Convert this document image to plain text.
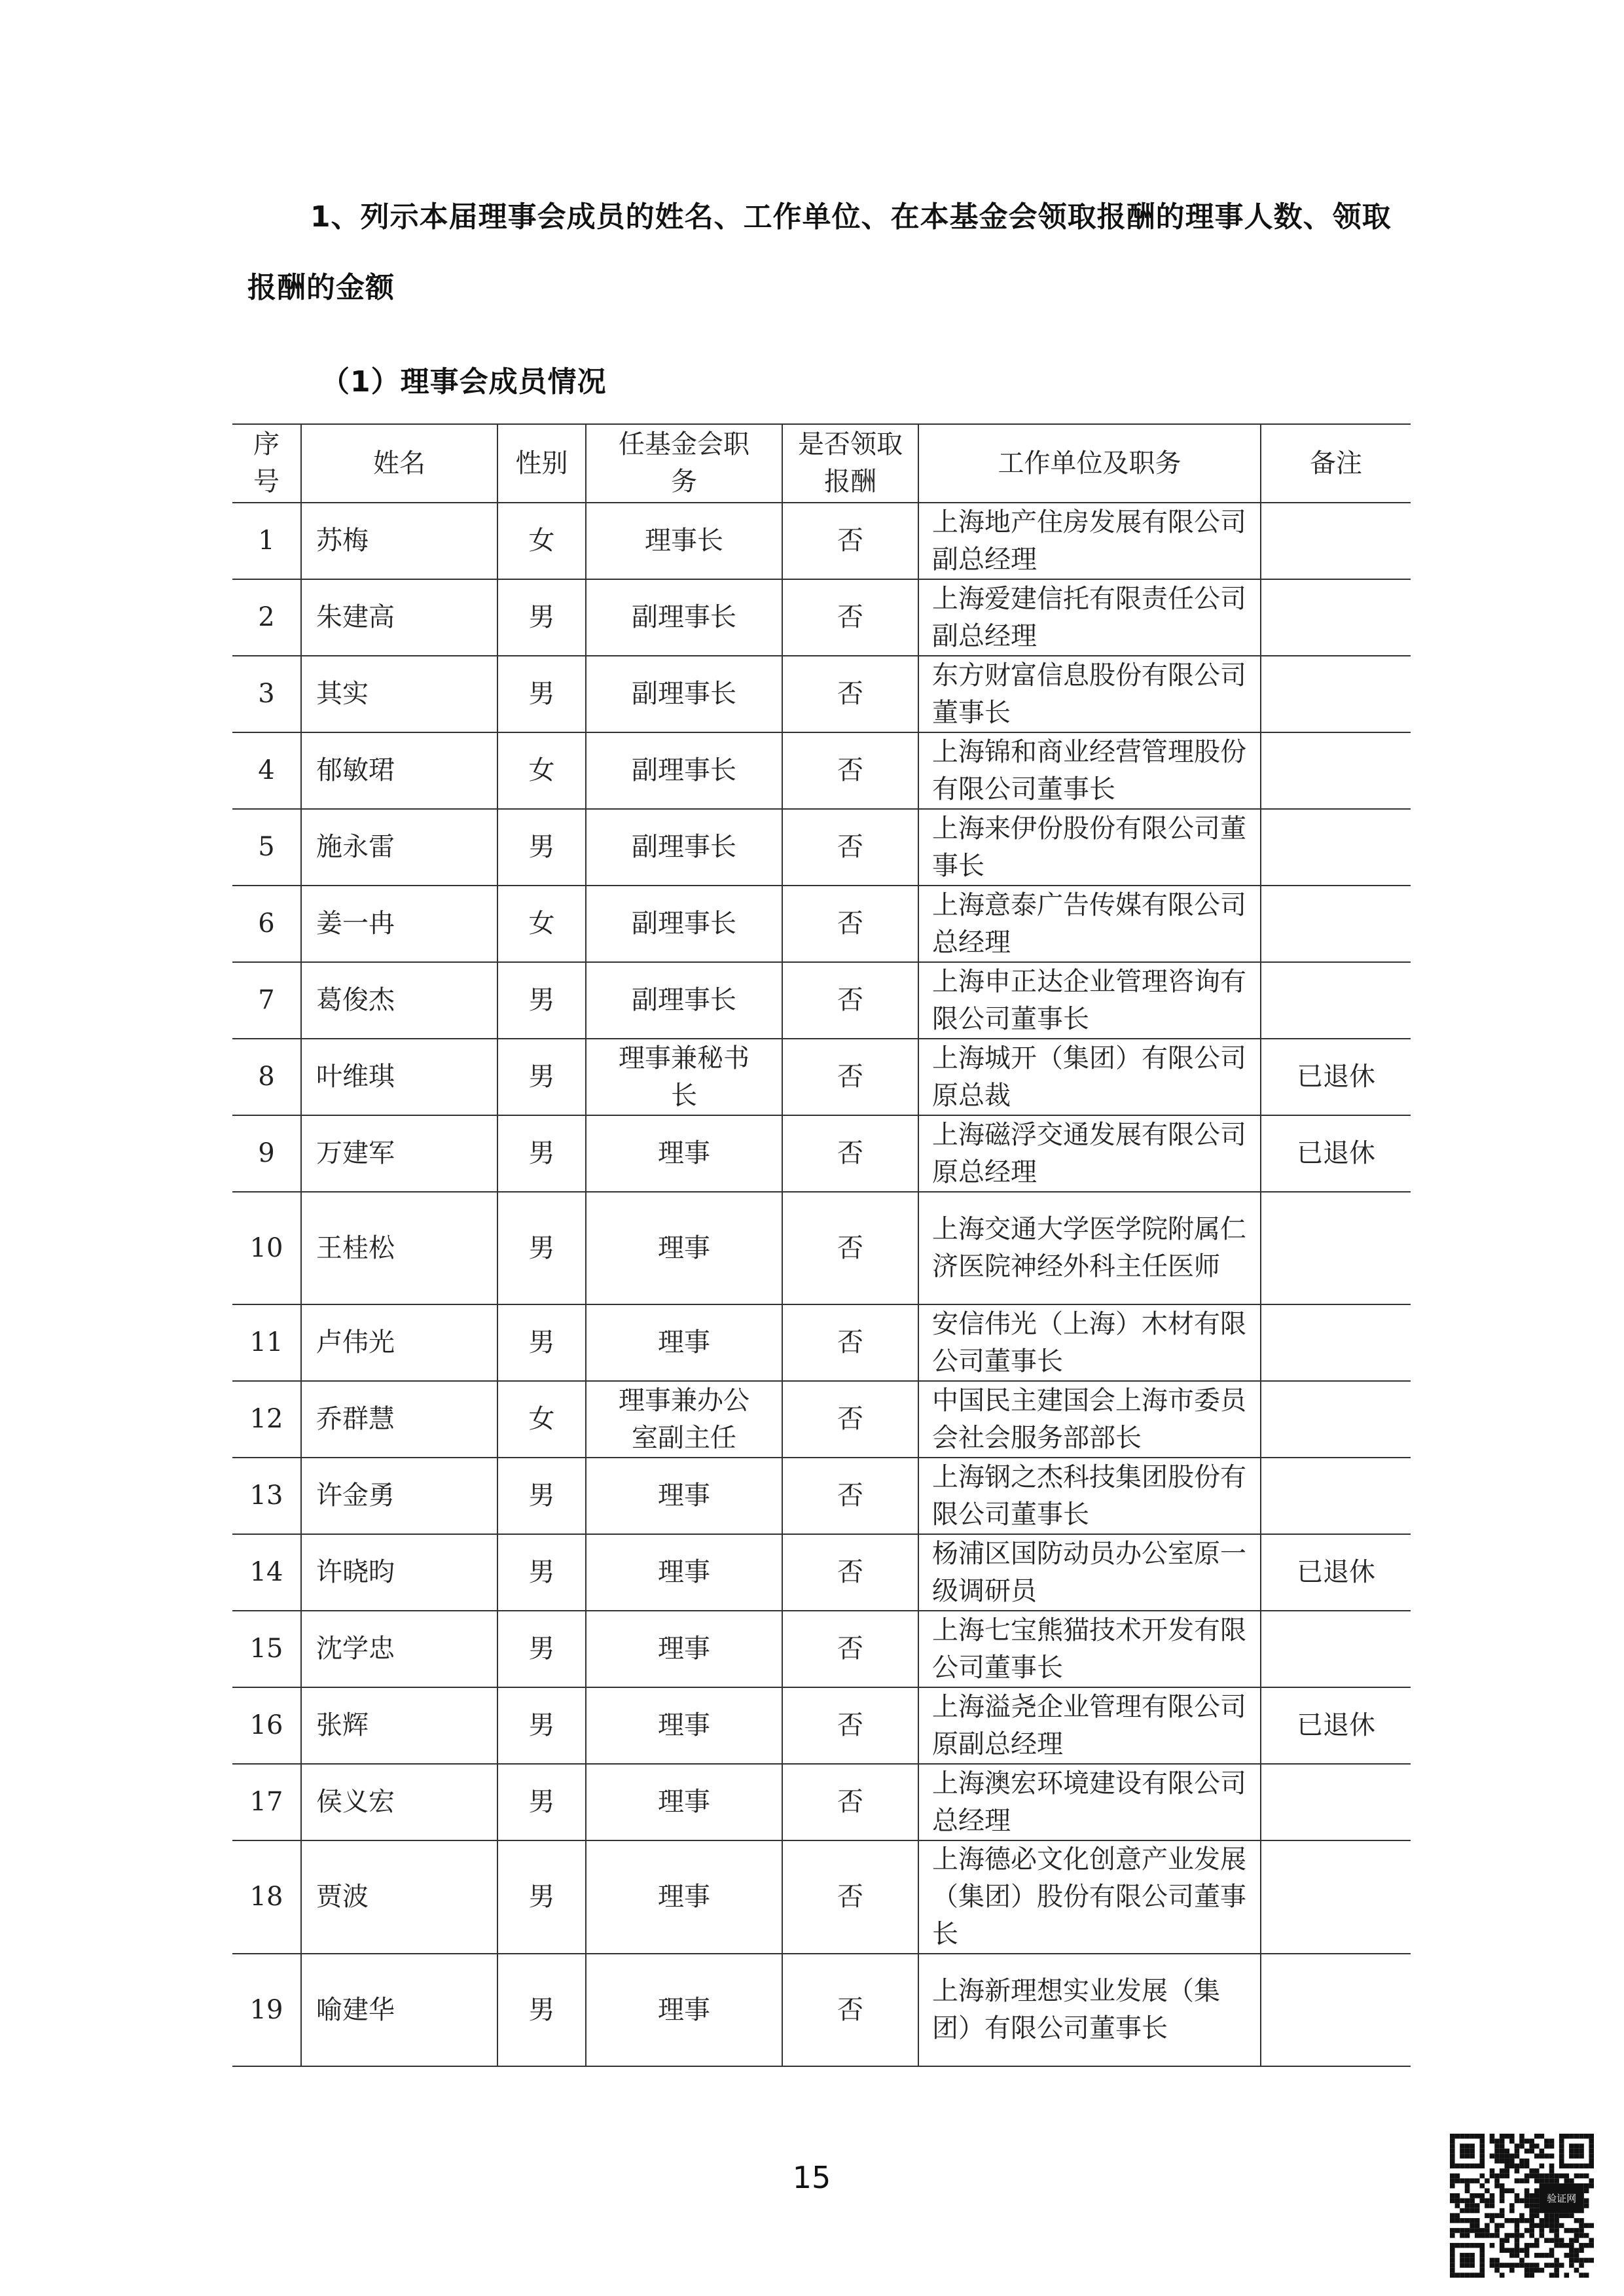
1、列示本届理事会成员的姓名、工作单位、在本基金会领取报酬的理事人数、领取报酬的金额
（1）理事会成员情况
序号	姓名	性别	任基金会职务	是否领取报酬	工作单位及职务	备注
1	苏梅	女	理事长	否	上海地产住房发展有限公司副总经理	
2	朱建高	男	副理事长	否	上海爱建信托有限责任公司副总经理	
3	其实	男	副理事长	否	东方财富信息股份有限公司董事长	
4	郁敏珺	女	副理事长	否	上海锦和商业经营管理股份有限公司董事长	
5	施永雷	男	副理事长	否	上海来伊份股份有限公司董事长	
6	姜一冉	女	副理事长	否	上海意泰广告传媒有限公司总经理	
7	葛俊杰	男	副理事长	否	上海申正达企业管理咨询有限公司董事长	
8	叶维琪	男	理事兼秘书长	否	上海城开（集团）有限公司原总裁	已退休
9	万建军	男	理事	否	上海磁浮交通发展有限公司原总经理	已退休
10	王桂松	男	理事	否	上海交通大学医学院附属仁济医院神经外科主任医师	
11	卢伟光	男	理事	否	安信伟光（上海）木材有限公司董事长	
12	乔群慧	女	理事兼办公室副主任	否	中国民主建国会上海市委员会社会服务部部长	
13	许金勇	男	理事	否	上海钢之杰科技集团股份有限公司董事长	
14	许晓昀	男	理事	否	杨浦区国防动员办公室原一级调研员	已退休
15	沈学忠	男	理事	否	上海七宝熊猫技术开发有限公司董事长	
16	张辉	男	理事	否	上海溢尧企业管理有限公司原副总经理	已退休
17	侯义宏	男	理事	否	上海澳宏环境建设有限公司总经理	
18	贾波	男	理事	否	上海德必文化创意产业发展（集团）股份有限公司董事长	
19	喻建华	男	理事	否	上海新理想实业发展（集团）有限公司董事长	
15
验证网
